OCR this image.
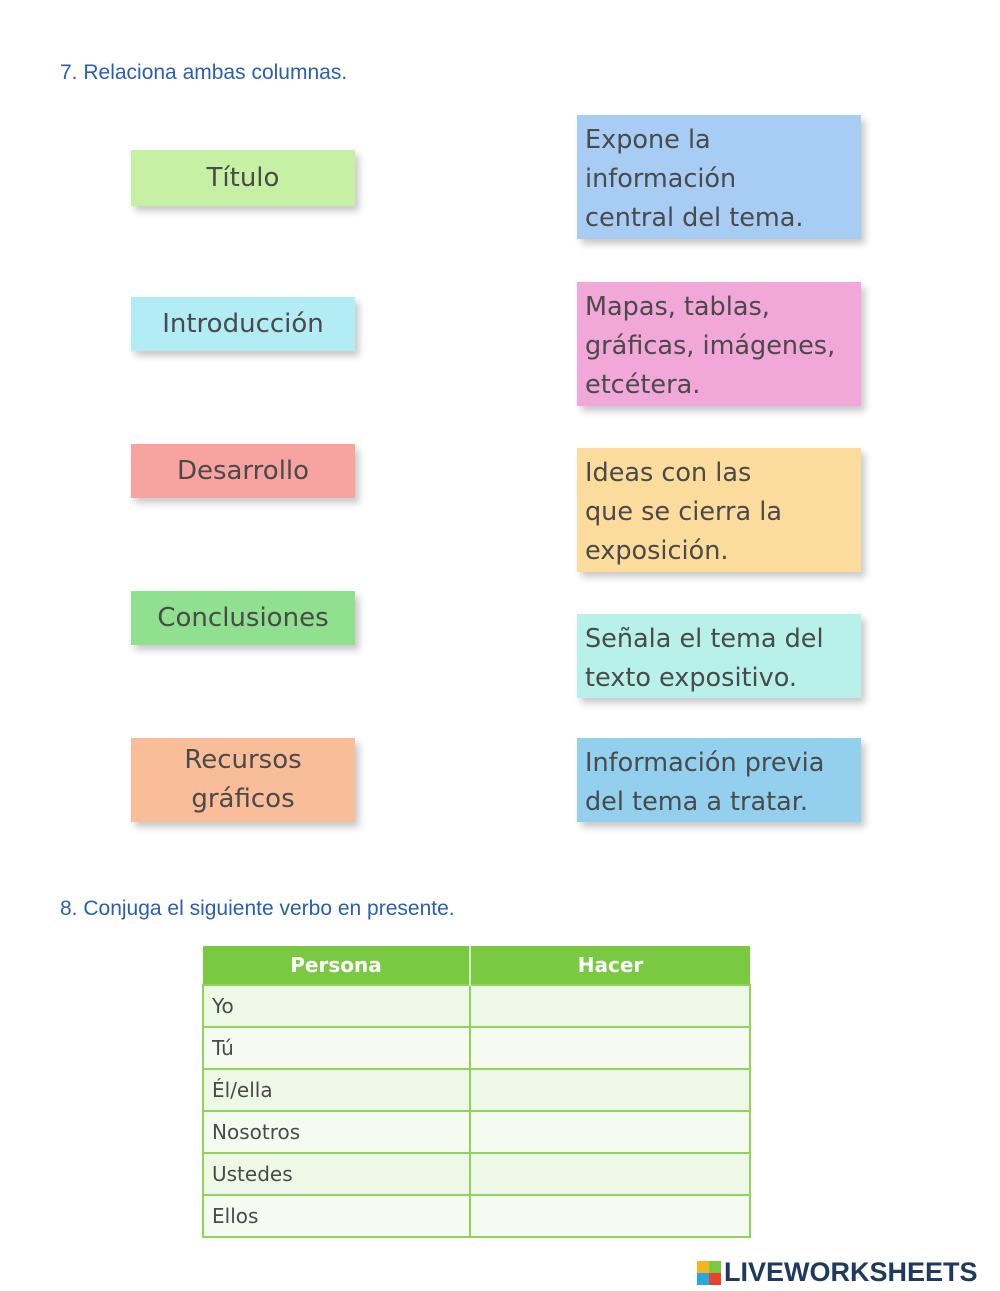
7. Relaciona ambas columnas.
Título
Introducción
Desarrollo
Conclusiones
Recursos
gráficos
Expone la
información
central del tema.
Mapas, tablas,
gráficas, imágenes,
etcétera.
Ideas con las
que se cierra la
exposición.
Señala el tema del
texto expositivo.
Información previa
del tema a tratar.
8. Conjuga el siguiente verbo en presente.
Persona	Hacer
Yo	
Tú	
Él/ella	
Nosotros	
Ustedes	
Ellos	
LIVEWORKSHEETS
